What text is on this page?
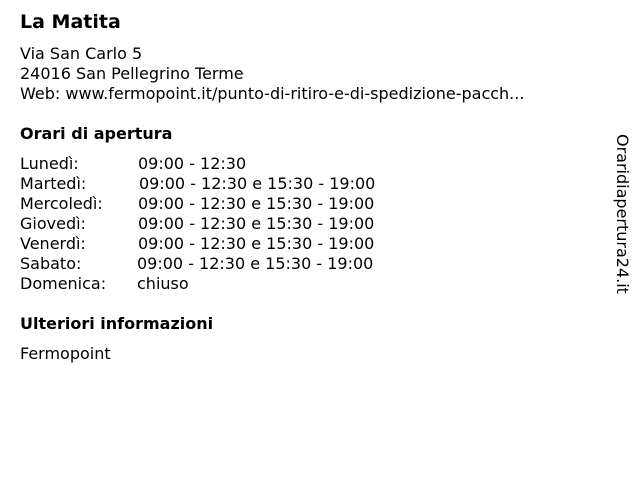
La Matita
Via San Carlo 5
24016 San Pellegrino Terme
Web: www.fermopoint.it/punto-di-ritiro-e-di-spedizione-pacch...
Orari di apertura
Lunedì:	09:00 - 12:30
Martedì:	09:00 - 12:30 e 15:30 - 19:00
Mercoledì: 09:00 - 12:30 e 15:30 - 19:00
Giovedì:	09:00 - 12:30 e 15:30 - 19:00
Venerdì:	09:00 - 12:30 e 15:30 - 19:00
Sabato:	09:00 - 12:30 e 15:30 - 19:00
Domenica: chiuso
Ulteriori informazioni
Fermopoint
Oraridiapertura24.it
